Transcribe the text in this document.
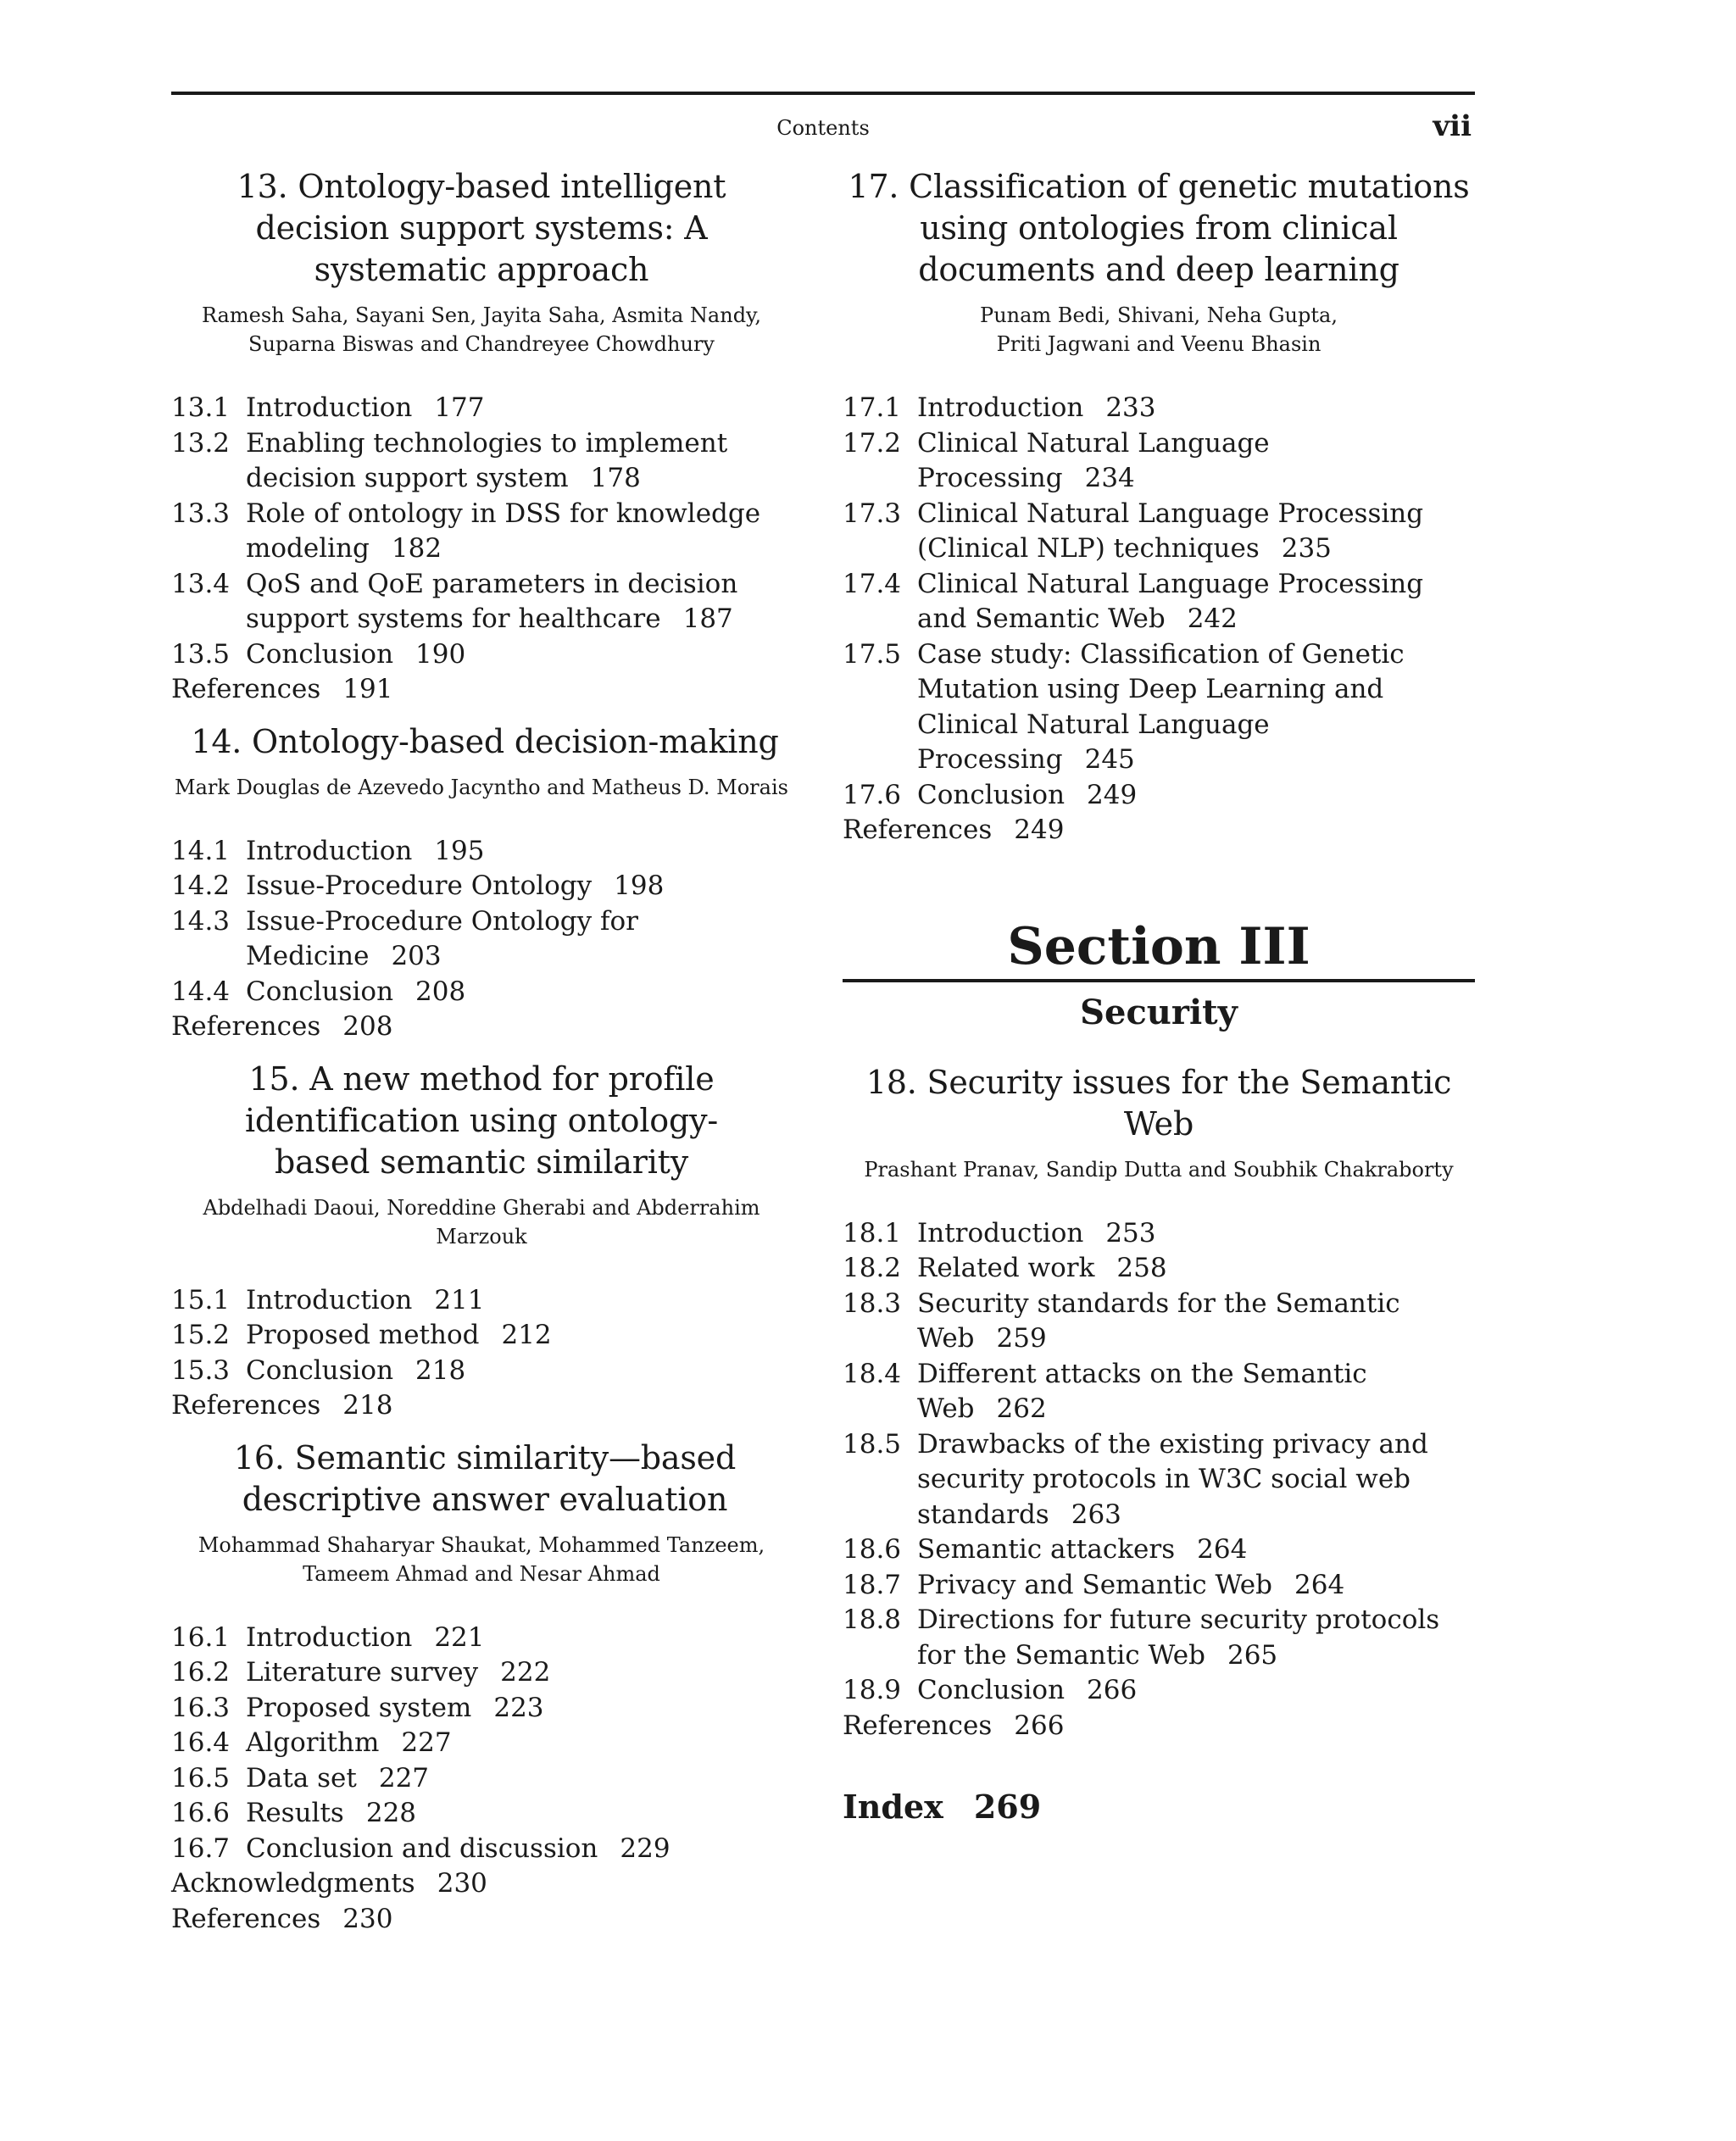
Contents	vii
13. Ontology-based intelligent decision support systems: A systematic approach
Ramesh Saha, Sayani Sen, Jayita Saha, Asmita Nandy,
Suparna Biswas and Chandreyee Chowdhury
13.1 Introduction 177
13.2 Enabling technologies to implement decision support system 178
13.3 Role of ontology in DSS for knowledge modeling 182
13.4 QoS and QoE parameters in decision support systems for healthcare 187
13.5 Conclusion 190
References 191
14. Ontology-based decision-making
Mark Douglas de Azevedo Jacyntho and Matheus D. Morais
14.1 Introduction 195
14.2 Issue-Procedure Ontology 198
14.3 Issue-Procedure Ontology for Medicine 203
14.4 Conclusion 208
References 208
15. A new method for profile identification using ontology-based semantic similarity
Abdelhadi Daoui, Noreddine Gherabi and Abderrahim Marzouk
15.1 Introduction 211
15.2 Proposed method 212
15.3 Conclusion 218
References 218
16. Semantic similarity—based descriptive answer evaluation
Mohammad Shaharyar Shaukat, Mohammed Tanzeem,
Tameem Ahmad and Nesar Ahmad
16.1 Introduction 221
16.2 Literature survey 222
16.3 Proposed system 223
16.4 Algorithm 227
16.5 Data set 227
16.6 Results 228
16.7 Conclusion and discussion 229
Acknowledgments 230
References 230
17. Classification of genetic mutations using ontologies from clinical documents and deep learning
Punam Bedi, Shivani, Neha Gupta,
Priti Jagwani and Veenu Bhasin
17.1 Introduction 233
17.2 Clinical Natural Language Processing 234
17.3 Clinical Natural Language Processing (Clinical NLP) techniques 235
17.4 Clinical Natural Language Processing and Semantic Web 242
17.5 Case study: Classification of Genetic Mutation using Deep Learning and Clinical Natural Language Processing 245
17.6 Conclusion 249
References 249
Section III
Security
18. Security issues for the Semantic Web
Prashant Pranav, Sandip Dutta and Soubhik Chakraborty
18.1 Introduction 253
18.2 Related work 258
18.3 Security standards for the Semantic Web 259
18.4 Different attacks on the Semantic Web 262
18.5 Drawbacks of the existing privacy and security protocols in W3C social web standards 263
18.6 Semantic attackers 264
18.7 Privacy and Semantic Web 264
18.8 Directions for future security protocols for the Semantic Web 265
18.9 Conclusion 266
References 266
Index 269
